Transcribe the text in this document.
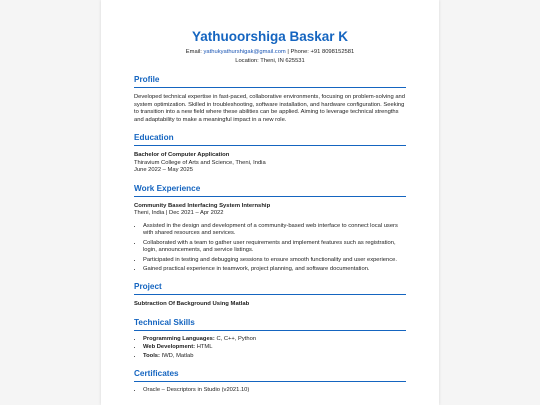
Yathuoorshiga Baskar K
Email: yathukyathurshigak@gmail.com | Phone: +91 8098152581
Location: Theni, IN 625531
Profile

Developed technical expertise in fast-paced, collaborative environments, focusing on problem-solving and system optimization. Skilled in troubleshooting, software installation, and hardware configuration. Seeking to transition into a new field where these abilities can be applied. Aiming to leverage technical strengths and adaptability to make a meaningful impact in a new role.

Education
Bachelor of Computer Application
Thiravium College of Arts and Science, Theni, India
June 2022 – May 2025
Work Experience
Community Based Interfacing System Internship
Theni, India | Dec 2021 – Apr 2022
• Assisted in the design and development of a community-based web interface to connect local users with shared resources and services.
• Collaborated with a team to gather user requirements and implement features such as registration, login, announcements, and service listings.
• Participated in testing and debugging sessions to ensure smooth functionality and user experience.
• Gained practical experience in teamwork, project planning, and software documentation.
Project
Subtraction Of Background Using Matlab
Technical Skills
• Programming Languages: C, C++, Python
• Web Development: HTML
• Tools: IWD, Matlab
Certificates
• Oracle – Descriptors in Studio (v2021.10)
